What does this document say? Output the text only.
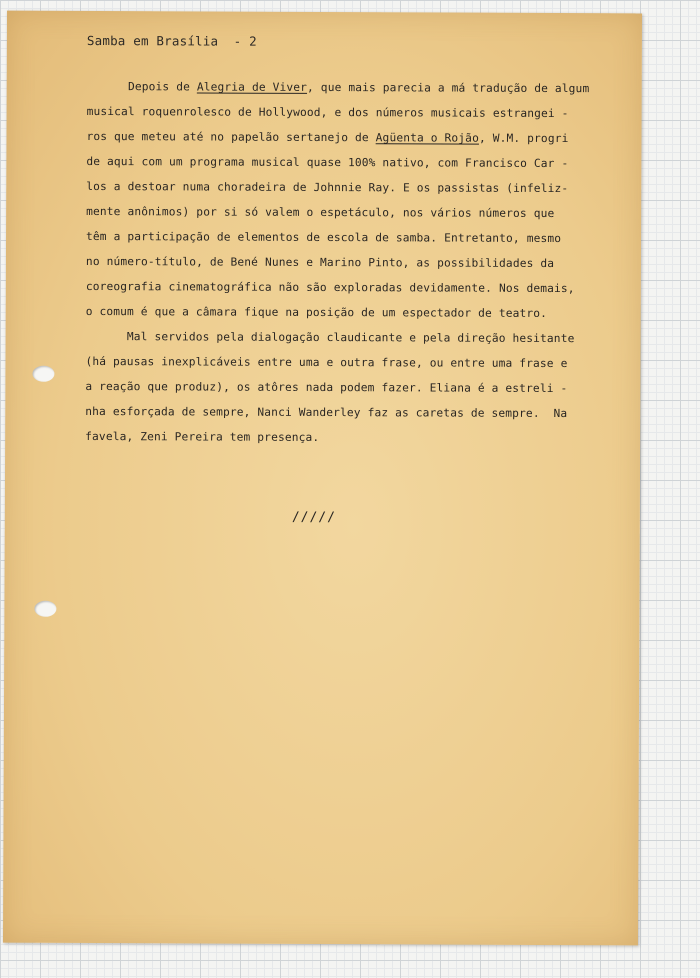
Samba em Brasília - 2
Depois de Alegria de Viver, que mais parecia a má tradução de algum
musical roquenrolesco de Hollywood, e dos números musicais estrangei -
ros que meteu até no papelão sertanejo de Agüenta o Rojão, W.M. progri
de aqui com um programa musical quase 100% nativo, com Francisco Car -
los a destoar numa choradeira de Johnnie Ray. E os passistas (infeliz-
mente anônimos) por si só valem o espetáculo, nos vários números que
têm a participação de elementos de escola de samba. Entretanto, mesmo
no número-título, de Bené Nunes e Marino Pinto, as possibilidades da
coreografia cinematográfica não são exploradas devidamente. Nos demais,
o comum é que a câmara fique na posição de um espectador de teatro.
Mal servidos pela dialogação claudicante e pela direção hesitante
(há pausas inexplicáveis entre uma e outra frase, ou entre uma frase e
a reação que produz), os atôres nada podem fazer. Eliana é a estreli -
nha esforçada de sempre, Nanci Wanderley faz as caretas de sempre.  Na
favela, Zeni Pereira tem presença.
/////
